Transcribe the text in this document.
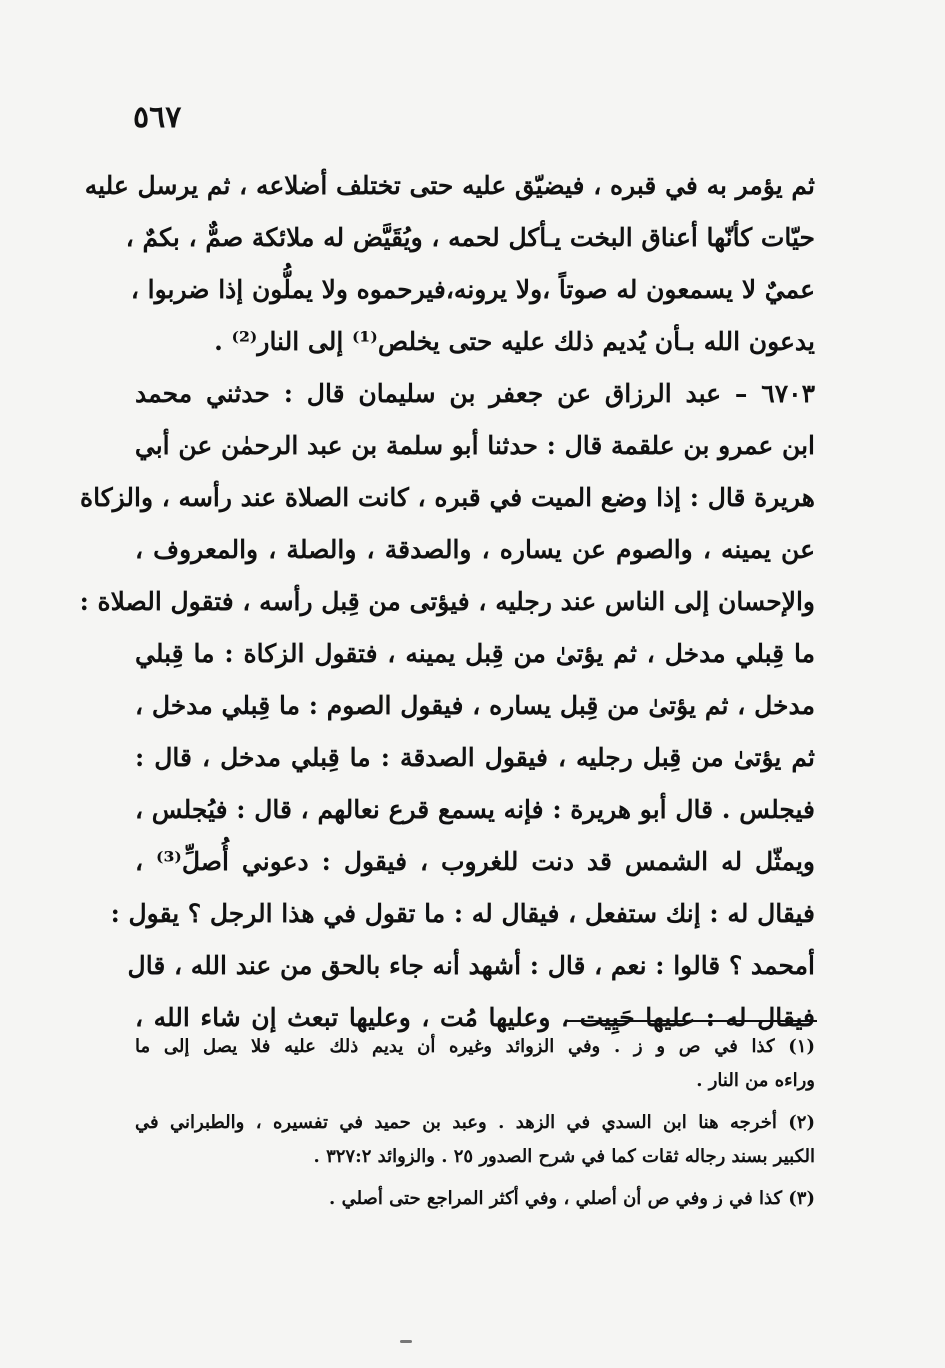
٥٦٧
ثم يؤمر به في قبره ، فيضيّق عليه حتى تختلف أضلاعه ، ثم يرسل عليه
حيّات كأنّها أعناق البخت يـأكل لحمه ، ويُقَيَّض له ملائكة صمٌّ ، بكمٌ ،
عميٌ لا يسمعون له صوتاً ،ولا يرونه،فيرحموه ولا يملُّون إذا ضربوا ،
يدعون الله بـأن يُديم ذلك عليه حتى يخلص⁽¹⁾ إلى النار⁽²⁾ .
٦٧٠٣ – عبد الرزاق عن جعفر بن سليمان قال : حدثني محمد
ابن عمرو بن علقمة قال : حدثنا أبو سلمة بن عبد الرحمٰن عن أبي
هريرة قال : إذا وضع الميت في قبره ، كانت الصلاة عند رأسه ، والزكاة
عن يمينه ، والصوم عن يساره ، والصدقة ، والصلة ، والمعروف ،
والإحسان إلى الناس عند رجليه ، فيؤتى من قِبل رأسه ، فتقول الصلاة :
ما قِبلي مدخل ، ثم يؤتىٰ من قِبل يمينه ، فتقول الزكاة : ما قِبلي
مدخل ، ثم يؤتىٰ من قِبل يساره ، فيقول الصوم : ما قِبلي مدخل ،
ثم يؤتىٰ من قِبل رجليه ، فيقول الصدقة : ما قِبلي مدخل ، قال :
فيجلس . قال أبو هريرة : فإنه يسمع قرع نعالهم ، قال : فيُجلس ،
ويمثّل له الشمس قد دنت للغروب ، فيقول : دعوني أُصلِّ⁽³⁾ ،
فيقال له : إنك ستفعل ، فيقال له : ما تقول في هذا الرجل ؟ يقول :
أمحمد ؟ قالوا : نعم ، قال : أشهد أنه جاء بالحق من عند الله ، قال
فيقال له : عليها حَيِيت ، وعليها مُت ، وعليها تبعث إن شاء الله ،
(١) كذا في ص و ز . وفي الزوائد وغيره أن يديم ذلك عليه فلا يصل إلى ما
وراءه من النار .
(٢) أخرجه هنا ابن السدي في الزهد . وعبد بن حميد في تفسيره ، والطبراني في
الكبير بسند رجاله ثقات كما في شرح الصدور ٢٥ . والزوائد ٣٢٧:٢ .
(٣) كذا في ز وفي ص أن أصلي ، وفي أكثر المراجع حتى أصلي .
